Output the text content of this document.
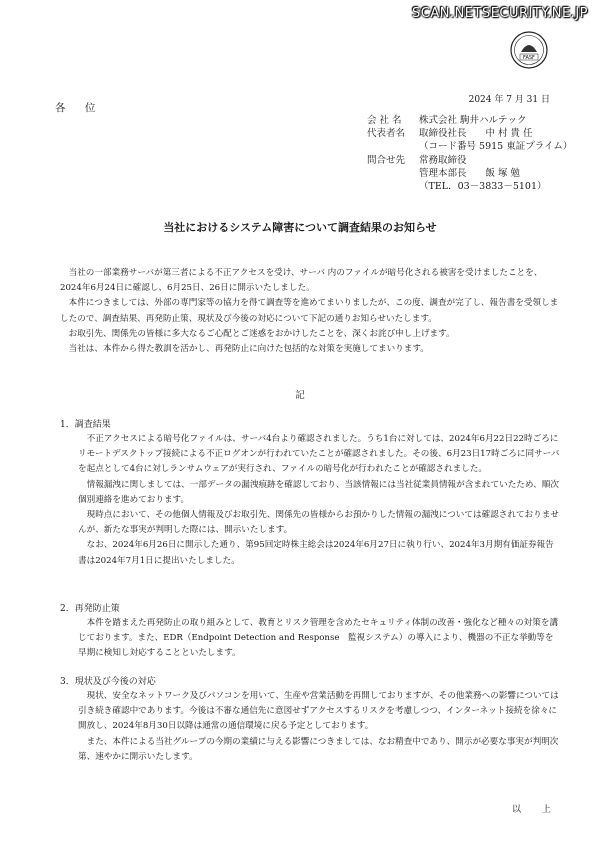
SCAN.NETSECURITY.NE.JP
FASF
2024 年 7 月 31 日
各 位
会 社 名	株式会社 駒井ハルテック
代表者名	取締役社長　　中 村 貴 任
（コード番号 5915 東証プライム）
問合せ先	常務取締役
管理本部長　　飯 塚 勉
（TEL．03－3833－5101）
当社におけるシステム障害について調査結果のお知らせ

当社の一部業務サーバが第三者による不正アクセスを受け、サーバ 内のファイルが暗号化される被害を受けましたことを、2024年6月24日に確認し、6月25日、26日に開示いたしました。

本件につきましては、外部の専門家等の協力を得て調査等を進めてまいりましたが、この度、調査が完了し、報告書を受領しましたので、調査結果、再発防止策、現状及び今後の対応について下記の通りお知らせいたします。

お取引先、関係先の皆様に多大なるご心配とご迷惑をおかけしたことを、深くお詫び申し上げます。

当社は、本件から得た教訓を活かし、再発防止に向けた包括的な対策を実施してまいります。

記
1．調査結果

不正アクセスによる暗号化ファイルは、サーバ4台より確認されました。うち1台に対しては、2024年6月22日22時ごろにリモートデスクトップ接続による不正ログオンが行われていたことが確認されました。その後、6月23日17時ごろに同サーバを起点として4台に対しランサムウェアが実行され、ファイルの暗号化が行われたことが確認されました。

情報漏洩に関しましては、一部データの漏洩痕跡を確認しており、当該情報には当社従業員情報が含まれていたため、順次個別連絡を進めております。

現時点において、その他個人情報及びお取引先、関係先の皆様からお預かりした情報の漏洩については確認されておりませんが、新たな事実が判明した際には、開示いたします。

なお、2024年6月26日に開示した通り、第95回定時株主総会は2024年6月27日に執り行い、2024年3月期有価証券報告書は2024年7月1日に提出いたしました。

2．再発防止策

本件を踏まえた再発防止の取り組みとして、教育とリスク管理を含めたセキュリティ体制の改善・強化など種々の対策を講じております。また、EDR（Endpoint Detection and Response　監視システム）の導入により、機器の不正な挙動等を早期に検知し対応することといたします。

3．現状及び今後の対応

現状、安全なネットワーク及びパソコンを用いて、生産や営業活動を再開しておりますが、その他業務への影響については引き続き確認中であります。今後は不審な通信先に意図せずアクセスするリスクを考慮しつつ、インターネット接続を徐々に開放し、2024年8月30日以降は通常の通信環境に戻る予定としております。

また、本件による当社グループの今期の業績に与える影響につきましては、なお精査中であり、開示が必要な事実が判明次第、速やかに開示いたします。

以 上
